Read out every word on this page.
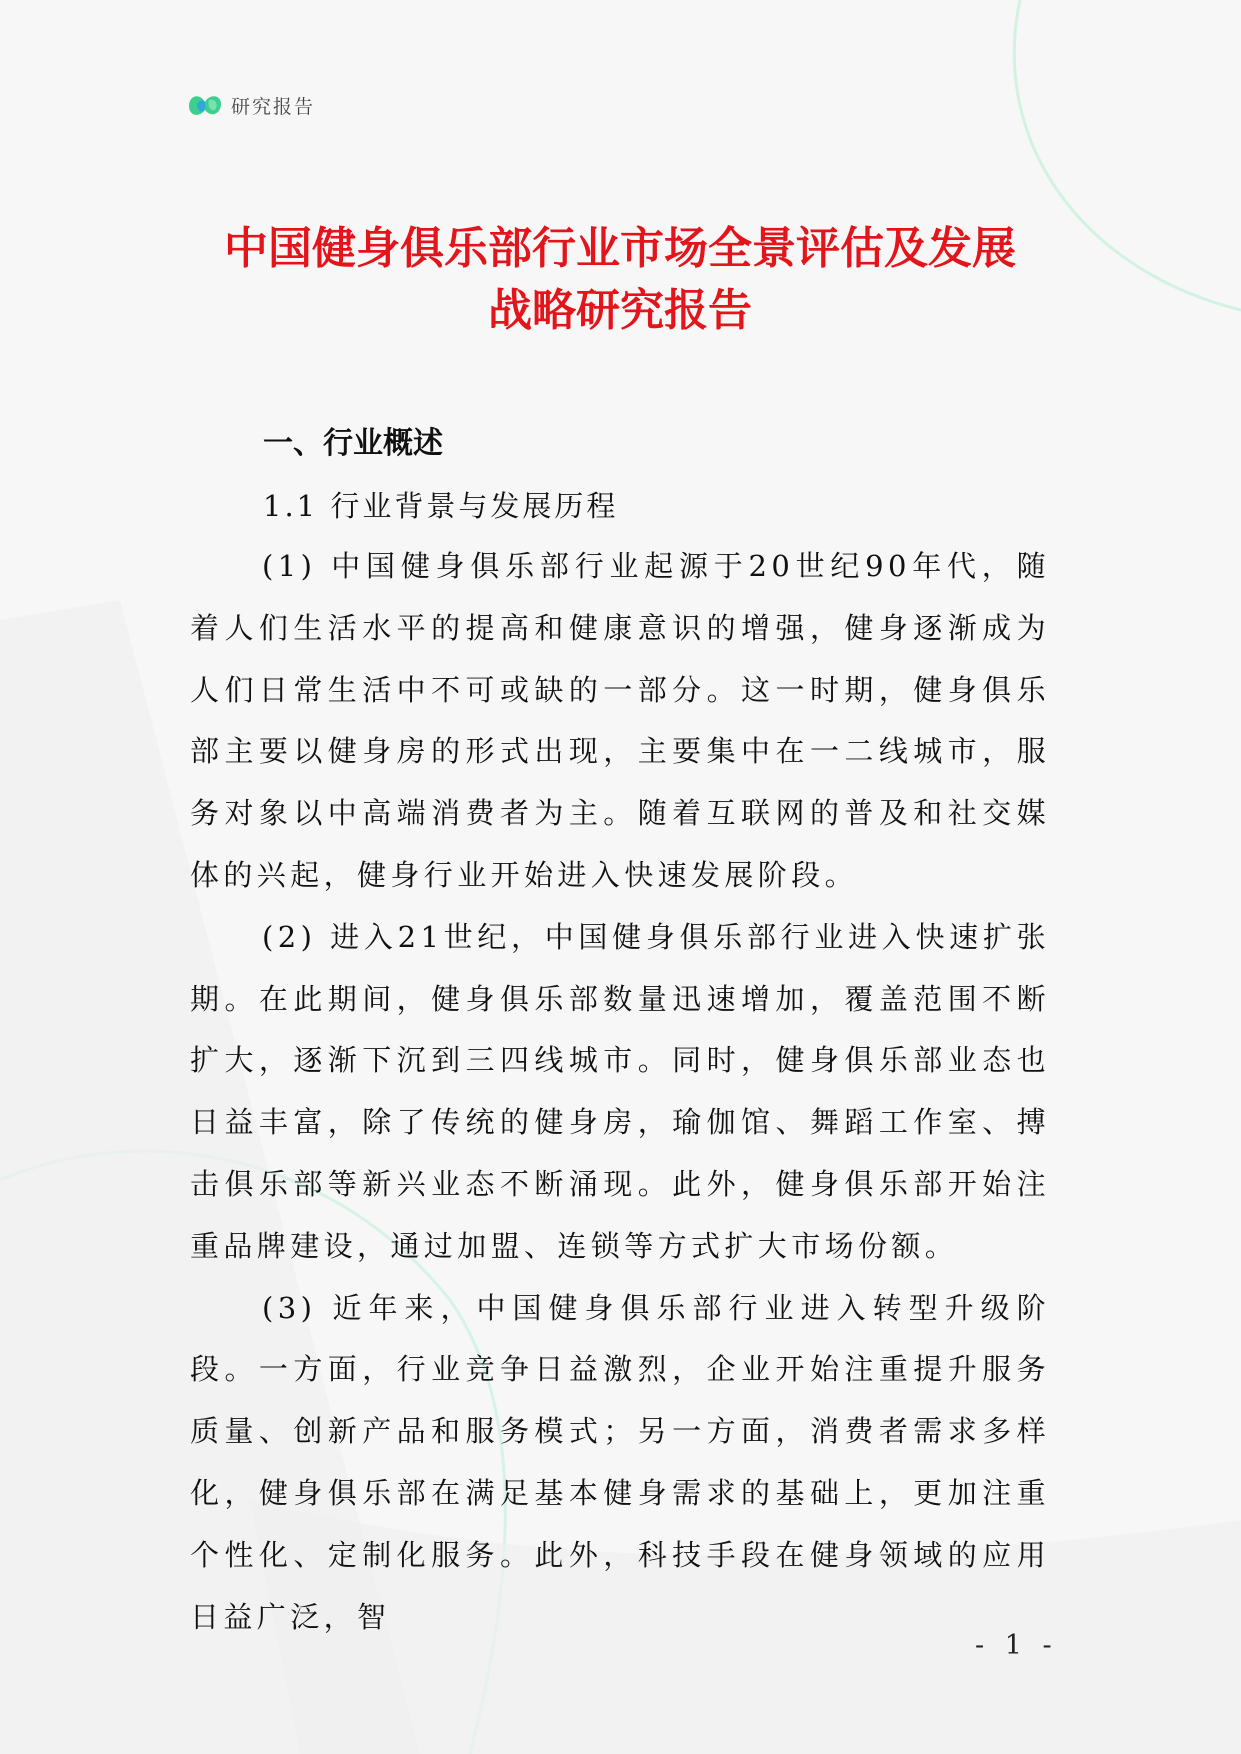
研究报告
中国健身俱乐部行业市场全景评估及发展
战略研究报告
一、行业概述
1.1 行业背景与发展历程

(1) 中国健身俱乐部行业起源于20世纪90年代，随着人们生活水平的提高和健康意识的增强，健身逐渐成为人们日常生活中不可或缺的一部分。这一时期，健身俱乐部主要以健身房的形式出现，主要集中在一二线城市，服务对象以中高端消费者为主。随着互联网的普及和社交媒体的兴起，健身行业开始进入快速发展阶段。

(2) 进入21世纪，中国健身俱乐部行业进入快速扩张期。在此期间，健身俱乐部数量迅速增加，覆盖范围不断扩大，逐渐下沉到三四线城市。同时，健身俱乐部业态也日益丰富，除了传统的健身房，瑜伽馆、舞蹈工作室、搏击俱乐部等新兴业态不断涌现。此外，健身俱乐部开始注重品牌建设，通过加盟、连锁等方式扩大市场份额。

(3) 近年来，中国健身俱乐部行业进入转型升级阶段。一方面，行业竞争日益激烈，企业开始注重提升服务质量、创新产品和服务模式；另一方面，消费者需求多样化，健身俱乐部在满足基本健身需求的基础上，更加注重个性化、定制化服务。此外，科技手段在健身领域的应用日益广泛，智

- 1 -
